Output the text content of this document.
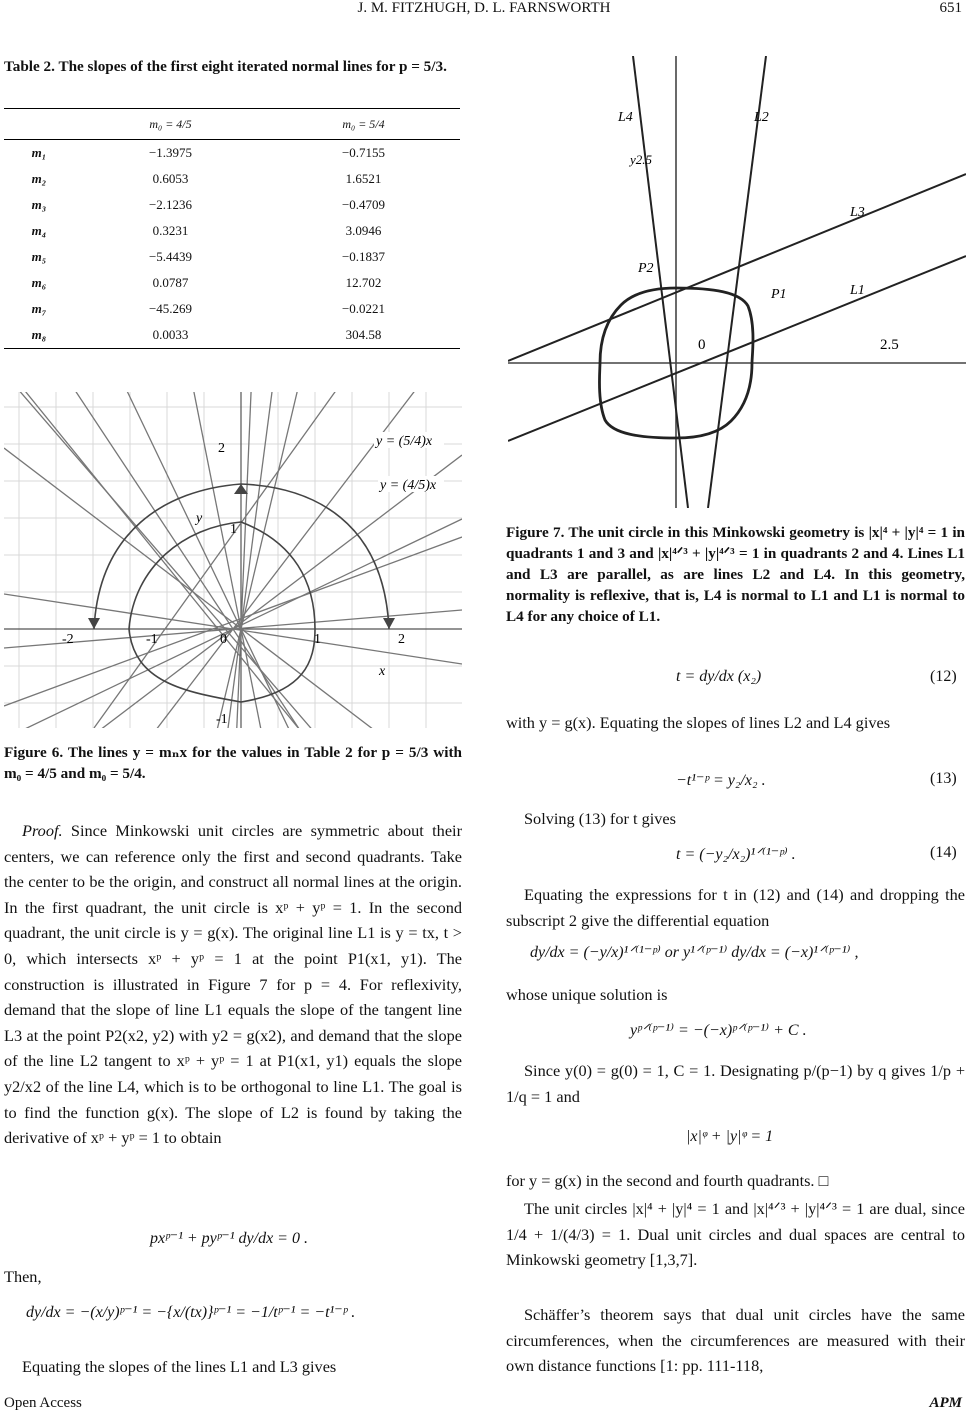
J. M. FITZHUGH, D. L. FARNSWORTH	651
Table 2. The slopes of the first eight iterated normal lines for p = 5/3.
	m₀ = 4/5	m₀ = 5/4
m₁	−1.3975	−0.7155
m₂	0.6053	1.6521
m₃	−2.1236	−0.4709
m₄	0.3231	3.0946
m₅	−5.4439	−0.1837
m₆	0.0787	12.702
m₇	−45.269	−0.0221
m₈	0.0033	304.58
y = (5/4)x
y = (4/5)x
y
x
-2	-1	0	1	2
2
1
-1
Figure 6. The lines y = mₙx for the values in Table 2 for p = 5/3 with m₀ = 4/5 and m₀ = 5/4.
Proof. Since Minkowski unit circles are symmetric about their centers, we can reference only the first and second quadrants. Take the center to be the origin, and construct all normal lines at the origin. In the first quadrant, the unit circle is xᵖ + yᵖ = 1. In the second quadrant, the unit circle is y = g(x). The original line L1 is y = tx, t > 0, which intersects xᵖ + yᵖ = 1 at the point P1(x1, y1). The construction is illustrated in Figure 7 for p = 4. For reflexivity, demand that the slope of line L1 equals the slope of the tangent line L3 at the point P2(x2, y2) with y2 = g(x2), and demand that the slope of the line L2 tangent to xᵖ + yᵖ = 1 at P1(x1, y1) equals the slope y2/x2 of the line L4, which is to be orthogonal to line L1. The goal is to find the function g(x). The slope of L2 is found by taking the derivative of xᵖ + yᵖ = 1 to obtain
pxᵖ⁻¹ + pyᵖ⁻¹ dy/dx = 0 .
Then,
dy/dx = −(x/y)ᵖ⁻¹ = −{x/(tx)}ᵖ⁻¹ = −1/tᵖ⁻¹ = −t¹⁻ᵖ .
Equating the slopes of the lines L1 and L3 gives
L4	L2
y2.5
L3
P2
P1	L1
0	2.5
Figure 7. The unit circle in this Minkowski geometry is |x|⁴ + |y|⁴ = 1 in quadrants 1 and 3 and |x|⁴ᐟ³ + |y|⁴ᐟ³ = 1 in quadrants 2 and 4. Lines L1 and L3 are parallel, as are lines L2 and L4. In this geometry, normality is reflexive, that is, L4 is normal to L1 and L1 is normal to L4 for any choice of L1.
t = dy/dx (x₂)	(12)
with y = g(x). Equating the slopes of lines L2 and L4 gives
−t¹⁻ᵖ = y₂/x₂ .	(13)
Solving (13) for t gives
t = (−y₂/x₂)¹ᐟ⁽¹⁻ᵖ⁾ .	(14)
Equating the expressions for t in (12) and (14) and dropping the subscript 2 give the differential equation
dy/dx = (−y/x)¹ᐟ⁽¹⁻ᵖ⁾ or y¹ᐟ⁽ᵖ⁻¹⁾ dy/dx = (−x)¹ᐟ⁽ᵖ⁻¹⁾ ,
whose unique solution is
yᵖᐟ⁽ᵖ⁻¹⁾ = −(−x)ᵖᐟ⁽ᵖ⁻¹⁾ + C .
Since y(0) = g(0) = 1, C = 1. Designating p/(p−1) by q gives 1/p + 1/q = 1 and
|x|ᵠ + |y|ᵠ = 1
for y = g(x) in the second and fourth quadrants. □
The unit circles |x|⁴ + |y|⁴ = 1 and |x|⁴ᐟ³ + |y|⁴ᐟ³ = 1 are dual, since 1/4 + 1/(4/3) = 1. Dual unit circles and dual spaces are central to Minkowski geometry [1,3,7].
Schäffer’s theorem says that dual unit circles have the same circumferences, when the circumferences are measured with their own distance functions [1: pp. 111-118,
Open Access	APM
